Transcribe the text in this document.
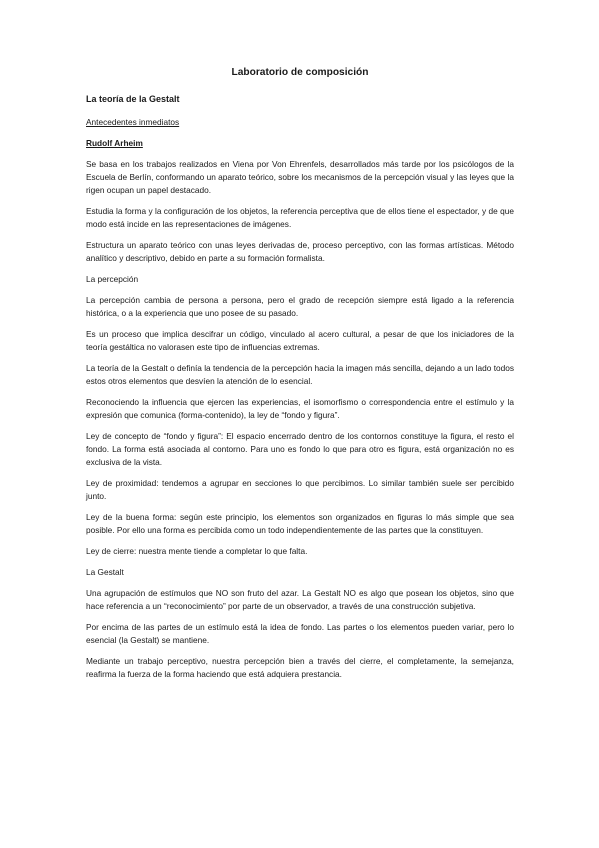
Laboratorio de composición
La teoría de la Gestalt
Antecedentes inmediatos
Rudolf Arheim

Se basa en los trabajos realizados en Viena por Von Ehrenfels, desarrollados más tarde por los psicólogos de la Escuela de Berlín, conformando un aparato teórico, sobre los mecanismos de la percepción visual y las leyes que la rigen ocupan un papel destacado.

Estudia la forma y la configuración de los objetos, la referencia perceptiva que de ellos tiene el espectador, y de que modo está incide en las representaciones de imágenes.

Estructura un aparato teórico con unas leyes derivadas de, proceso perceptivo, con las formas artísticas. Método analítico y descriptivo, debido en parte a su formación formalista.

La percepción

La percepción cambia de persona a persona, pero el grado de recepción siempre está ligado a la referencia histórica, o a la experiencia que uno posee de su pasado.

Es un proceso que implica descifrar un código, vinculado al acero cultural, a pesar de que los iniciadores de la teoría gestáltica no valorasen este tipo de influencias extremas.

La teoría de la Gestalt o definía la tendencia de la percepción hacia la imagen más sencilla, dejando a un lado todos estos otros elementos que desvíen la atención de lo esencial.

Reconociendo la influencia que ejercen las experiencias, el isomorfismo o correspondencia entre el estímulo y la expresión que comunica (forma-contenido), la ley de “fondo y figura”.

Ley de concepto de “fondo y figura”: El espacio encerrado dentro de los contornos constituye la figura, el resto el fondo. La forma está asociada al contorno. Para uno es fondo lo que para otro es figura, está organización no es exclusiva de la vista.

Ley de proximidad: tendemos a agrupar en secciones lo que percibimos. Lo similar también suele ser percibido junto.

Ley de la buena forma: según este principio, los elementos son organizados en figuras lo más simple que sea posible. Por ello una forma es percibida como un todo independientemente de las partes que la constituyen.

Ley de cierre: nuestra mente tiende a completar lo que falta.

La Gestalt

Una agrupación de estímulos que NO son fruto del azar. La Gestalt NO es algo que posean los objetos, sino que hace referencia a un “reconocimiento” por parte de un observador, a través de una construcción subjetiva.

Por encima de las partes de un estímulo está la idea de fondo. Las partes o los elementos pueden variar, pero lo esencial (la Gestalt) se mantiene.

Mediante un trabajo perceptivo, nuestra percepción bien a través del cierre, el completamente, la semejanza, reafirma la fuerza de la forma haciendo que está adquiera prestancia.
